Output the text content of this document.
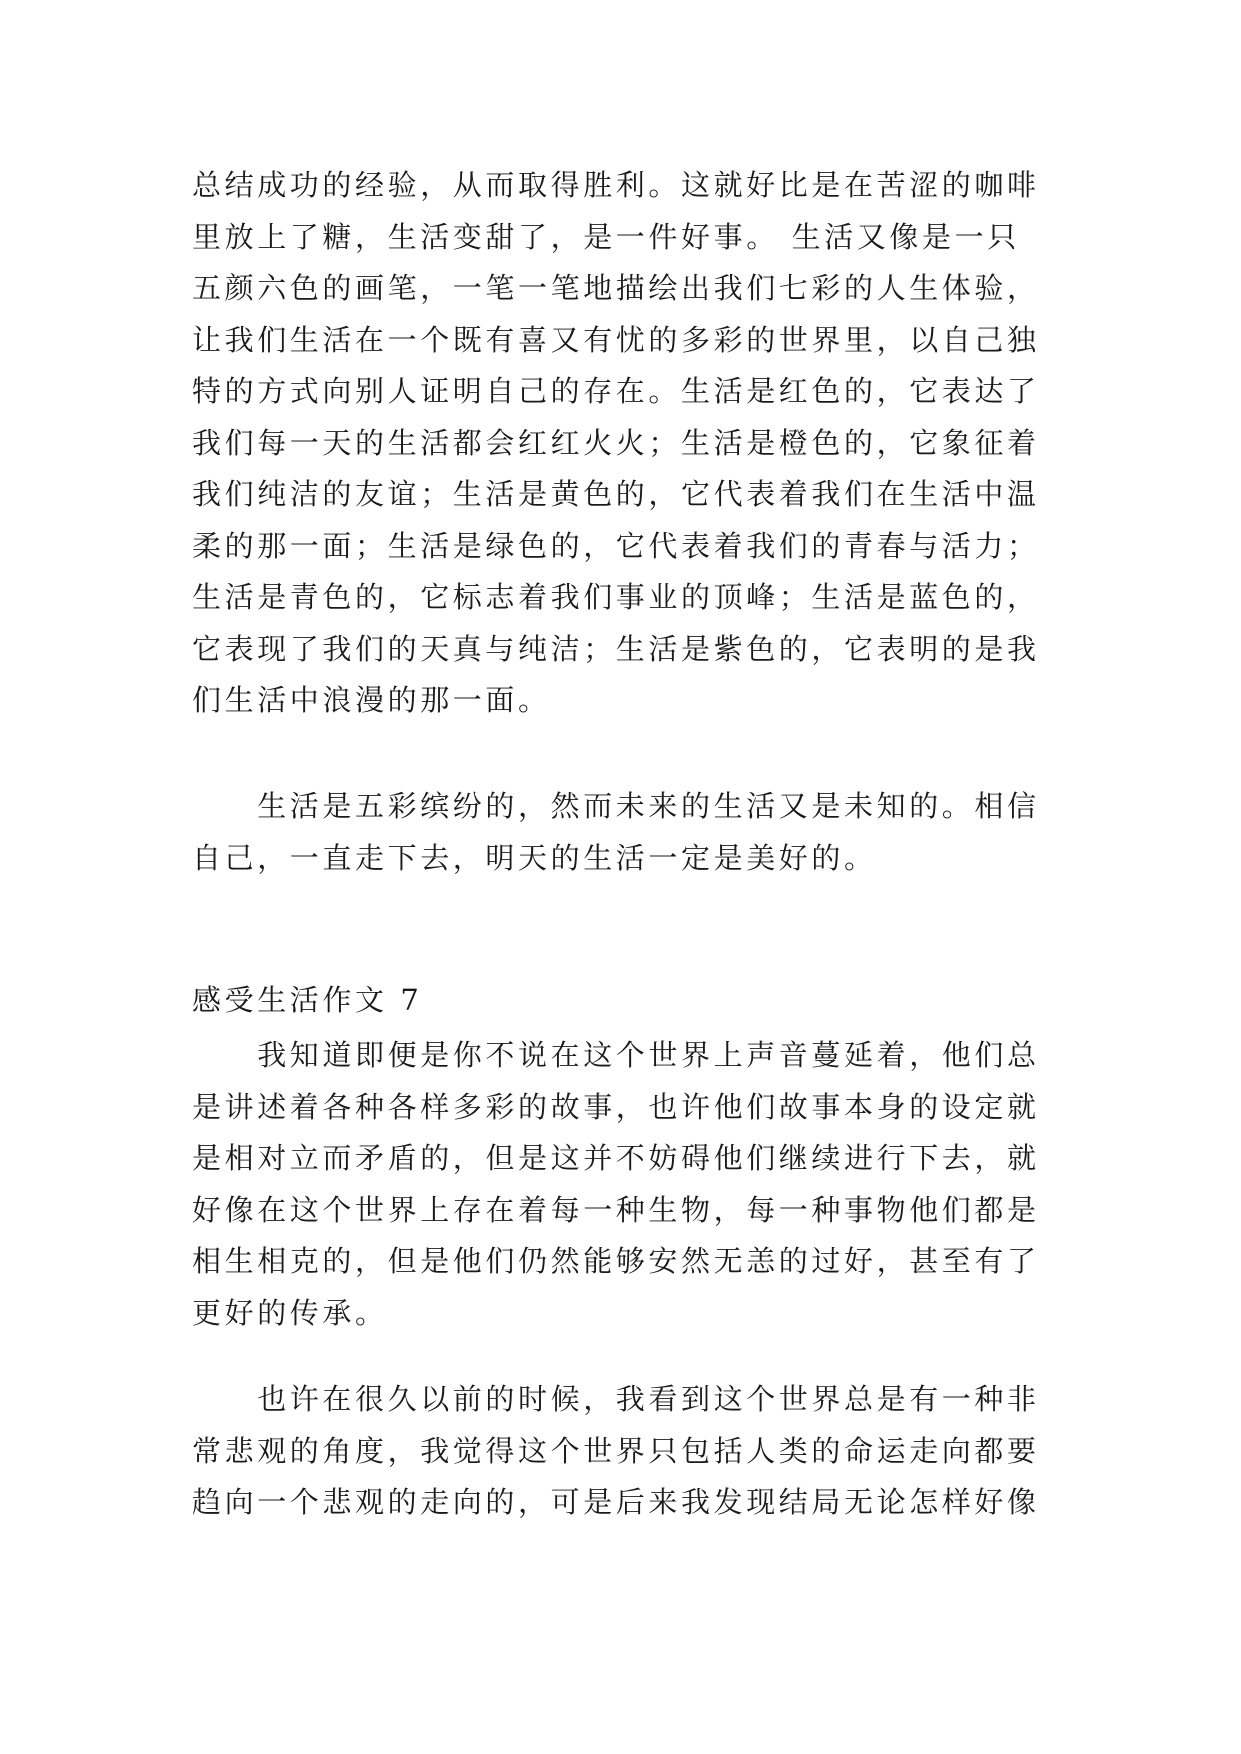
总结成功的经验，从而取得胜利。这就好比是在苦涩的咖啡
里放上了糖，生活变甜了，是一件好事。 生活又像是一只
五颜六色的画笔，一笔一笔地描绘出我们七彩的人生体验，
让我们生活在一个既有喜又有忧的多彩的世界里，以自己独
特的方式向别人证明自己的存在。生活是红色的，它表达了
我们每一天的生活都会红红火火；生活是橙色的，它象征着
我们纯洁的友谊；生活是黄色的，它代表着我们在生活中温
柔的那一面；生活是绿色的，它代表着我们的青春与活力；
生活是青色的，它标志着我们事业的顶峰；生活是蓝色的，
它表现了我们的天真与纯洁；生活是紫色的，它表明的是我
们生活中浪漫的那一面。
　　生活是五彩缤纷的，然而未来的生活又是未知的。相信
自己，一直走下去，明天的生活一定是美好的。
感受生活作文 7
　　我知道即便是你不说在这个世界上声音蔓延着，他们总
是讲述着各种各样多彩的故事，也许他们故事本身的设定就
是相对立而矛盾的，但是这并不妨碍他们继续进行下去，就
好像在这个世界上存在着每一种生物，每一种事物他们都是
相生相克的，但是他们仍然能够安然无恙的过好，甚至有了
更好的传承。
　　也许在很久以前的时候，我看到这个世界总是有一种非
常悲观的角度，我觉得这个世界只包括人类的命运走向都要
趋向一个悲观的走向的，可是后来我发现结局无论怎样好像
